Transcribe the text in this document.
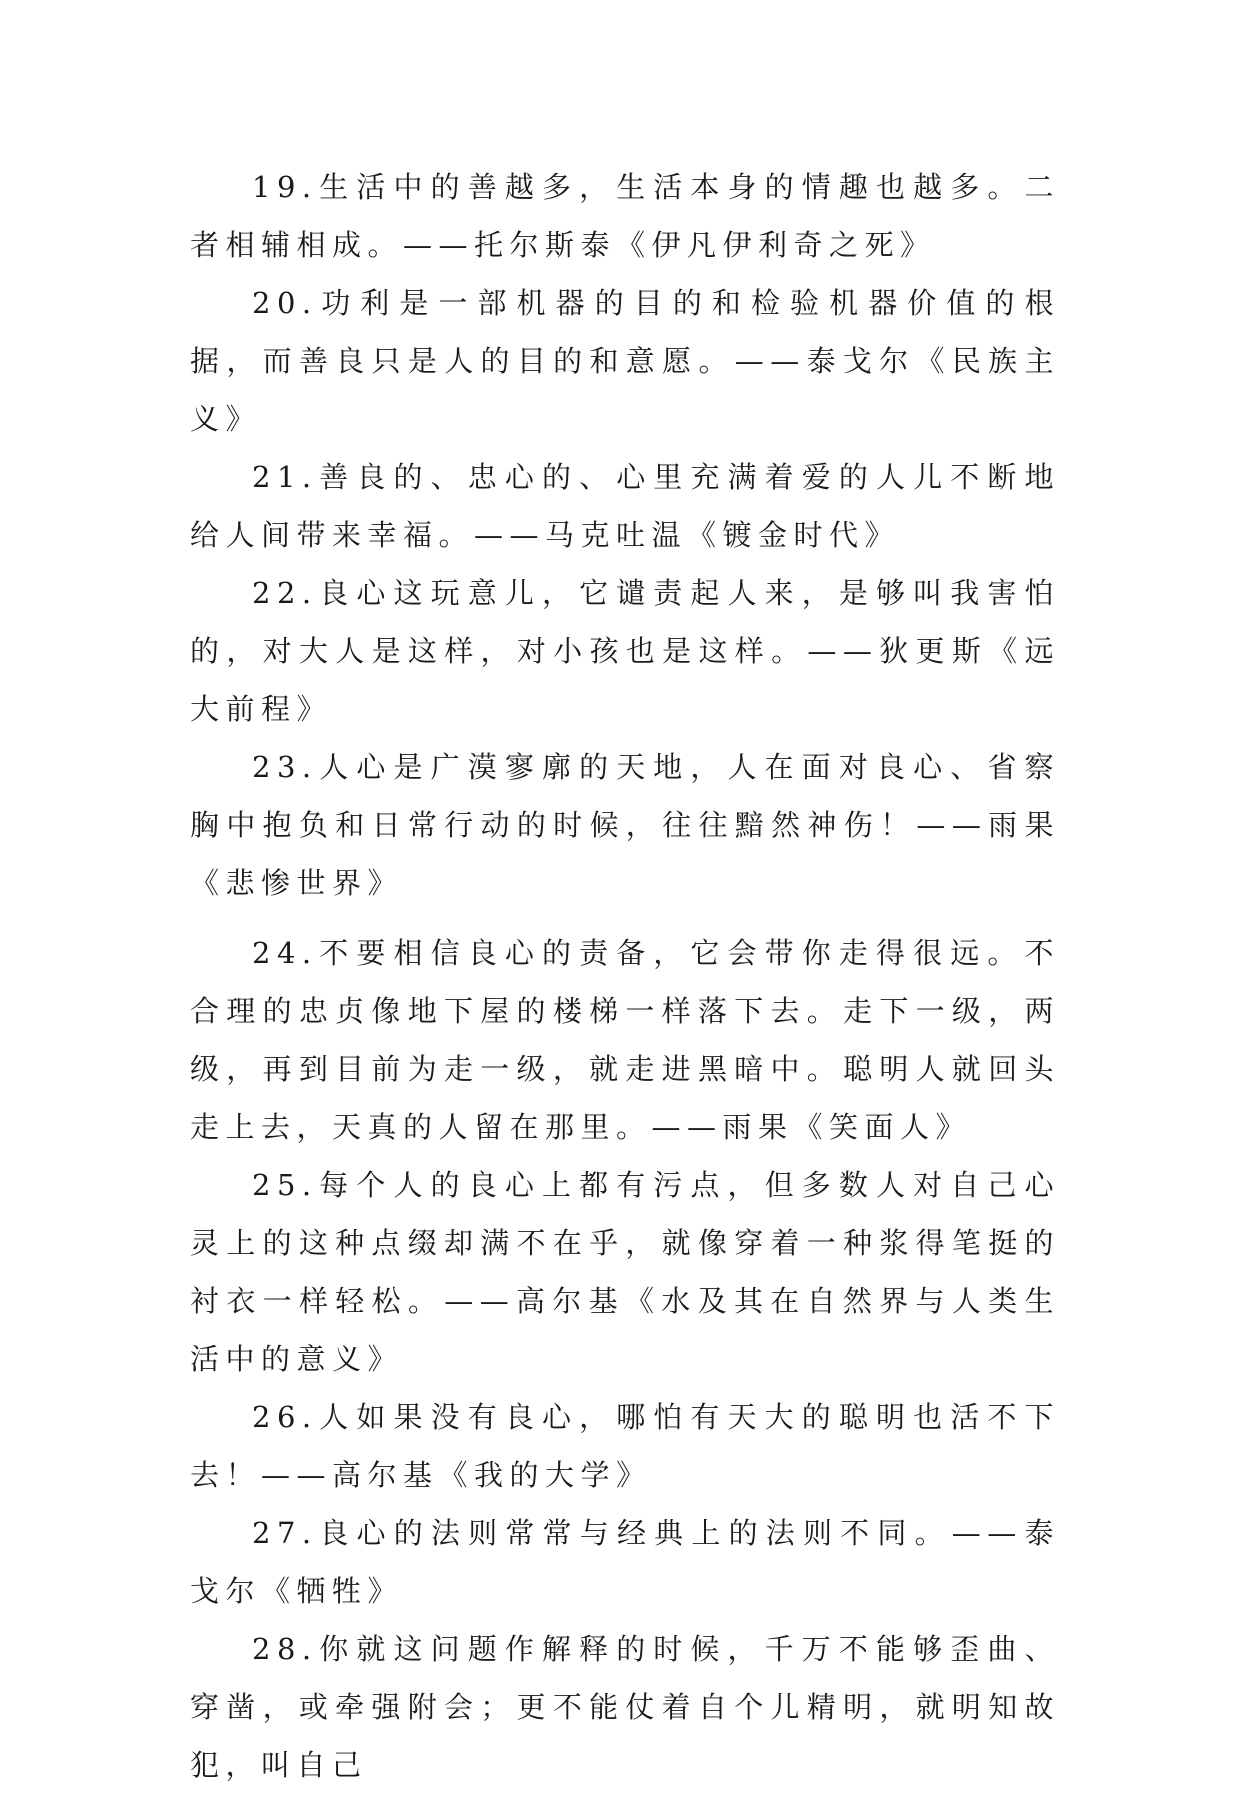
19.生活中的善越多，生活本身的情趣也越多。二者相辅相成。——托尔斯泰《伊凡伊利奇之死》

20.功利是一部机器的目的和检验机器价值的根据，而善良只是人的目的和意愿。——泰戈尔《民族主义》

21.善良的、忠心的、心里充满着爱的人儿不断地给人间带来幸福。——马克吐温《镀金时代》

22.良心这玩意儿，它谴责起人来，是够叫我害怕的，对大人是这样，对小孩也是这样。——狄更斯《远大前程》

23.人心是广漠寥廓的天地，人在面对良心、省察胸中抱负和日常行动的时候，往往黯然神伤！——雨果《悲惨世界》

24.不要相信良心的责备，它会带你走得很远。不合理的忠贞像地下屋的楼梯一样落下去。走下一级，两级，再到目前为走一级，就走进黑暗中。聪明人就回头走上去，天真的人留在那里。——雨果《笑面人》

25.每个人的良心上都有污点，但多数人对自己心灵上的这种点缀却满不在乎，就像穿着一种浆得笔挺的衬衣一样轻松。——高尔基《水及其在自然界与人类生活中的意义》

26.人如果没有良心，哪怕有天大的聪明也活不下去！——高尔基《我的大学》

27.良心的法则常常与经典上的法则不同。——泰戈尔《牺牲》

28.你就这问题作解释的时候，千万不能够歪曲、穿凿，或牵强附会；更不能仗着自个儿精明，就明知故犯，叫自己
